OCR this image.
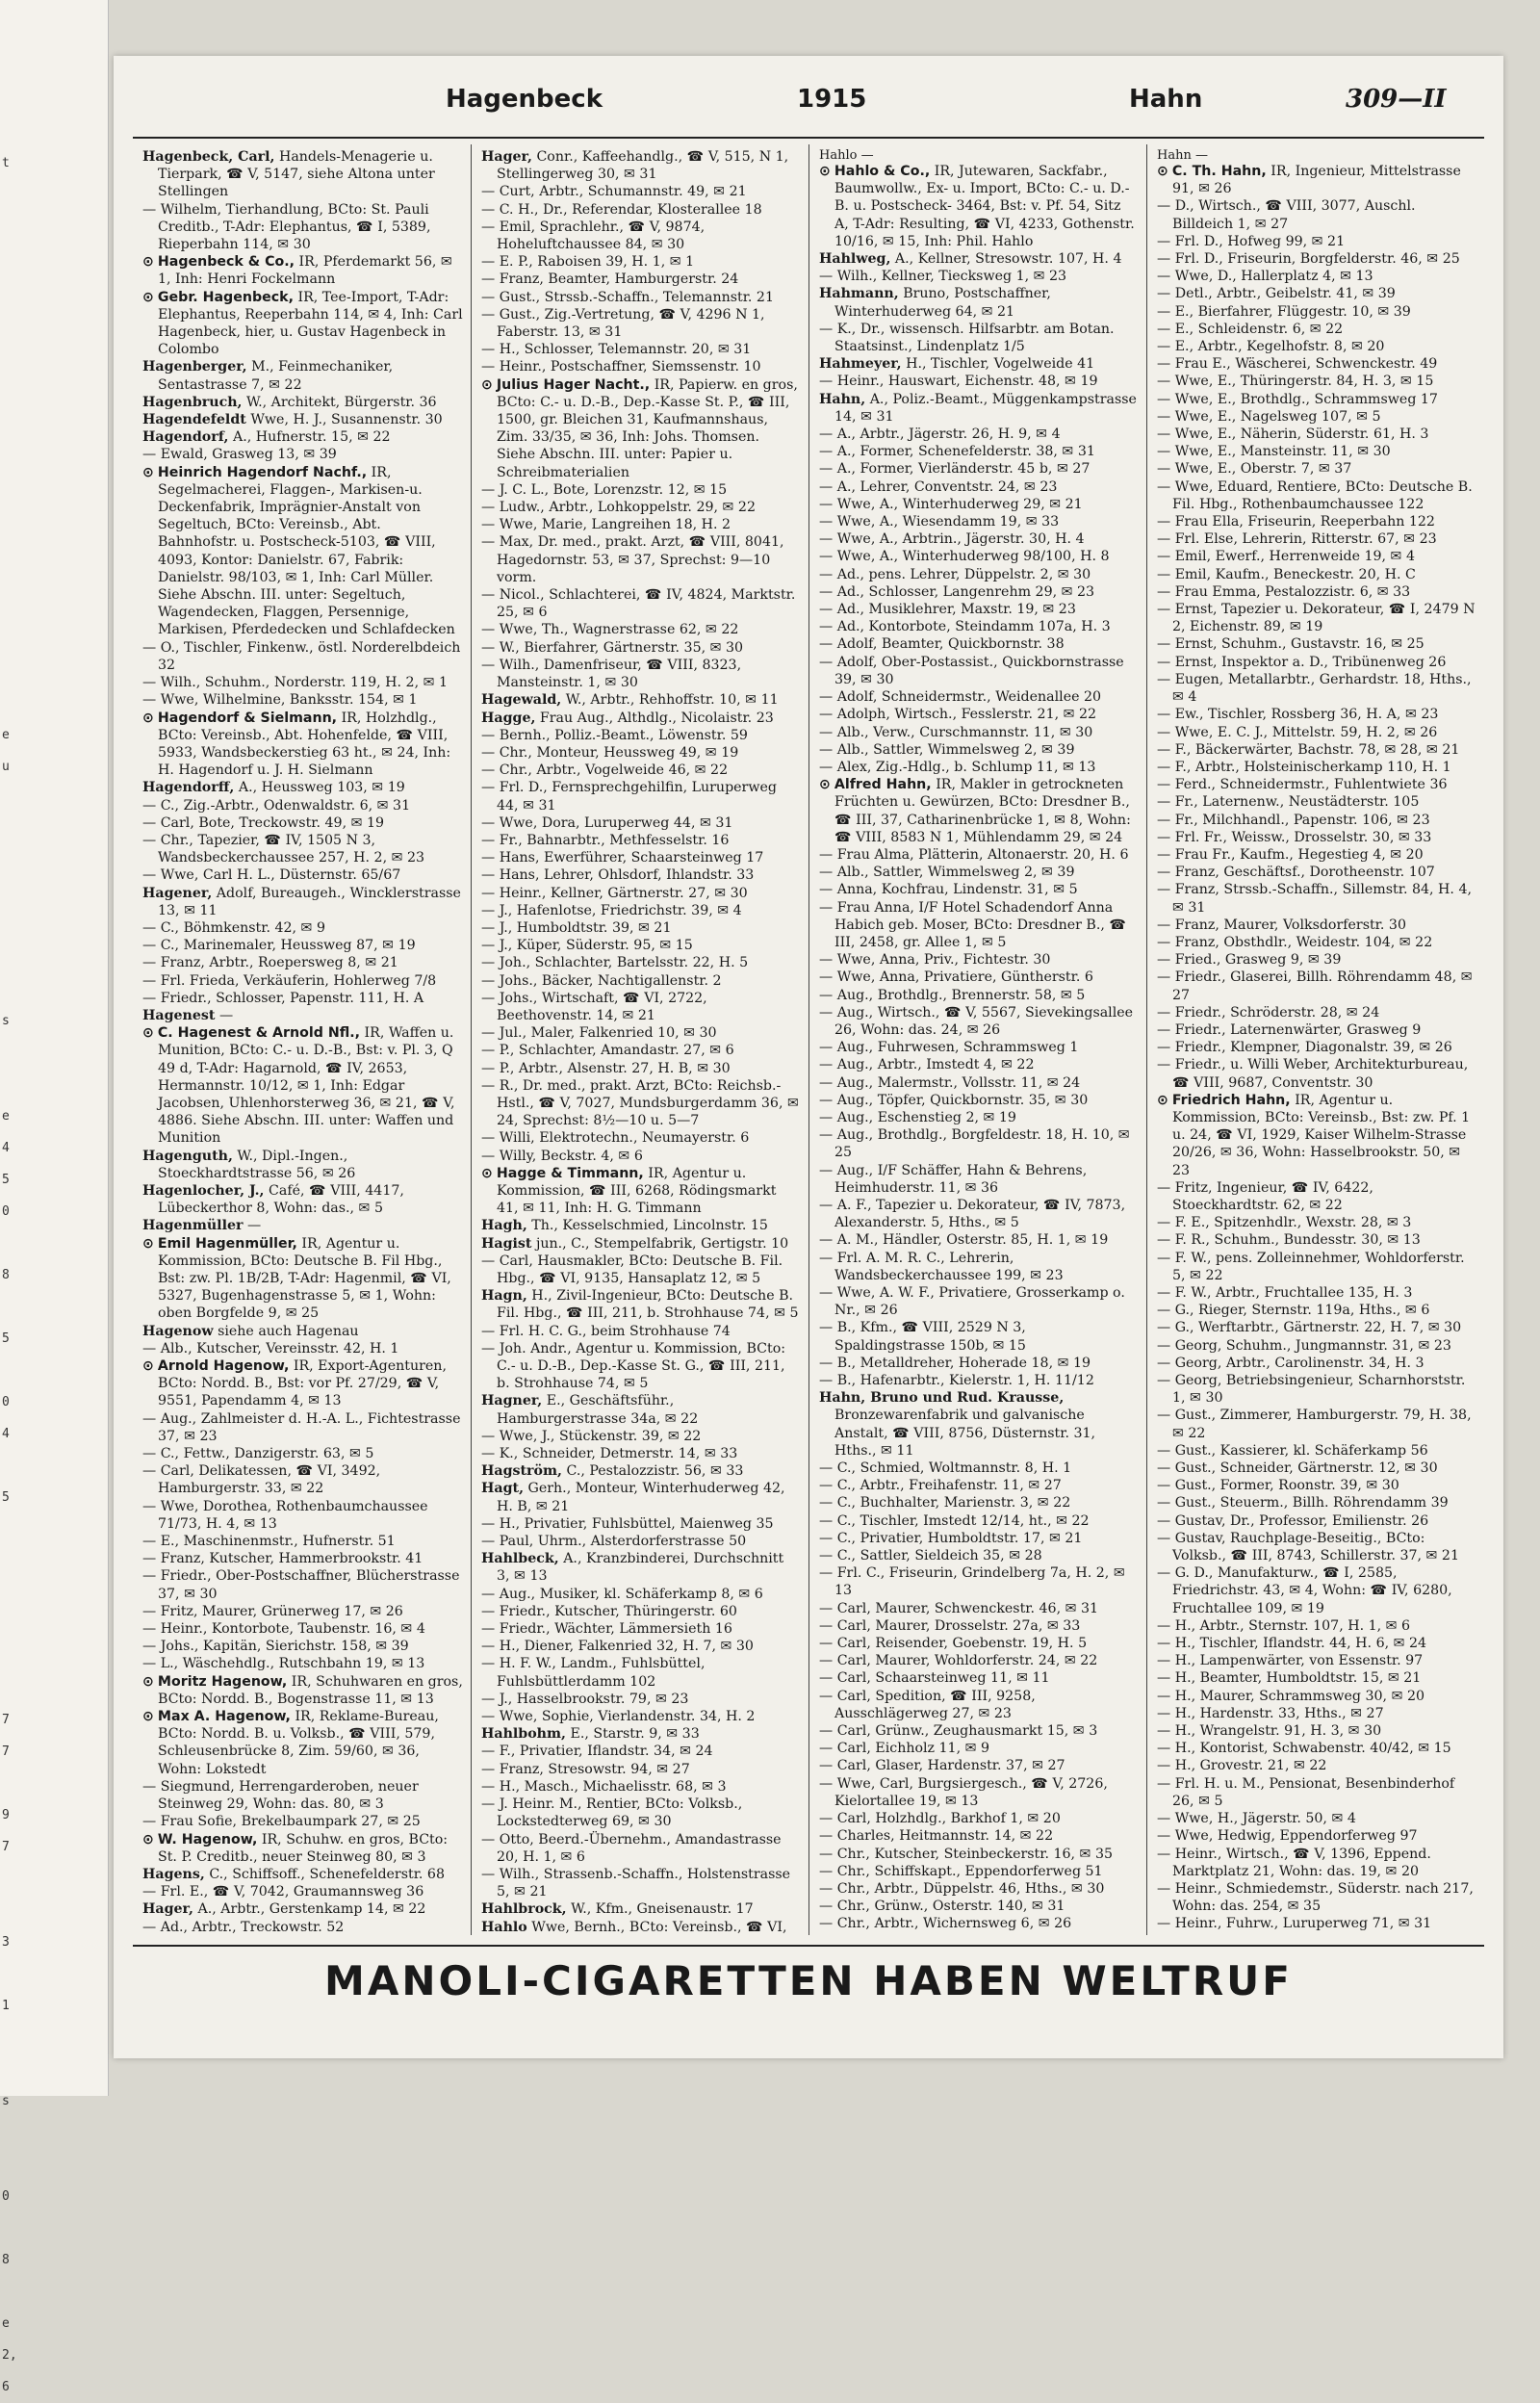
t

e
u

s

e
4
5
0

8

5

0
4

5

7
7

9
7

3

1

s

0

8

e
2,
6
Hagenbeck	1915	Hahn	309—II

Hagenbeck, Carl, Handels-Menagerie u. Tierpark, ☎ V, 5147, siehe Altona unter Stellingen

— Wilhelm, Tierhandlung, BCto: St. Pauli Creditb., T-Adr: Elephantus, ☎ I, 5389, Rieperbahn 114, ✉ 30

⊙ Hagenbeck & Co., IR, Pferdemarkt 56, ✉ 1, Inh: Henri Fockelmann

⊙ Gebr. Hagenbeck, IR, Tee-Import, T-Adr: Elephantus, Reeperbahn 114, ✉ 4, Inh: Carl Hagenbeck, hier, u. Gustav Hagenbeck in Colombo

Hagenberger, M., Feinmechaniker, Sentastrasse 7, ✉ 22

Hagenbruch, W., Architekt, Bürgerstr. 36

Hagendefeldt Wwe, H. J., Susannenstr. 30

Hagendorf, A., Hufnerstr. 15, ✉ 22

— Ewald, Grasweg 13, ✉ 39

⊙ Heinrich Hagendorf Nachf., IR, Segelmacherei, Flaggen-, Markisen-u. Deckenfabrik, Imprägnier-Anstalt von Segeltuch, BCto: Vereinsb., Abt. Bahnhofstr. u. Postscheck-5103, ☎ VIII, 4093, Kontor: Danielstr. 67, Fabrik: Danielstr. 98/103, ✉ 1, Inh: Carl Müller. Siehe Abschn. III. unter: Segeltuch, Wagendecken, Flaggen, Persennige, Markisen, Pferdedecken und Schlafdecken

— O., Tischler, Finkenw., östl. Norderelbdeich 32

— Wilh., Schuhm., Norderstr. 119, H. 2, ✉ 1

— Wwe, Wilhelmine, Banksstr. 154, ✉ 1

⊙ Hagendorf & Sielmann, IR, Holzhdlg., BCto: Vereinsb., Abt. Hohenfelde, ☎ VIII, 5933, Wandsbeckerstieg 63 ht., ✉ 24, Inh: H. Hagendorf u. J. H. Sielmann

Hagendorff, A., Heussweg 103, ✉ 19

— C., Zig.-Arbtr., Odenwaldstr. 6, ✉ 31

— Carl, Bote, Treckowstr. 49, ✉ 19

— Chr., Tapezier, ☎ IV, 1505 N 3, Wandsbeckerchaussee 257, H. 2, ✉ 23

— Wwe, Carl H. L., Düsternstr. 65/67

Hagener, Adolf, Bureaugeh., Wincklerstrasse 13, ✉ 11

— C., Böhmkenstr. 42, ✉ 9

— C., Marinemaler, Heussweg 87, ✉ 19

— Franz, Arbtr., Roepersweg 8, ✉ 21

— Frl. Frieda, Verkäuferin, Hohlerweg 7/8

— Friedr., Schlosser, Papenstr. 111, H. A

Hagenest —

⊙ C. Hagenest & Arnold Nfl., IR, Waffen u. Munition, BCto: C.- u. D.-B., Bst: v. Pl. 3, Q 49 d, T-Adr: Hagarnold, ☎ IV, 2653, Hermannstr. 10/12, ✉ 1, Inh: Edgar Jacobsen, Uhlenhorsterweg 36, ✉ 21, ☎ V, 4886. Siehe Abschn. III. unter: Waffen und Munition

Hagenguth, W., Dipl.-Ingen., Stoeckhardtstrasse 56, ✉ 26

Hagenlocher, J., Café, ☎ VIII, 4417, Lübeckerthor 8, Wohn: das., ✉ 5

Hagenmüller —

⊙ Emil Hagenmüller, IR, Agentur u. Kommission, BCto: Deutsche B. Fil Hbg., Bst: zw. Pl. 1B/2B, T-Adr: Hagenmil, ☎ VI, 5327, Bugenhagenstrasse 5, ✉ 1, Wohn: oben Borgfelde 9, ✉ 25

Hagenow siehe auch Hagenau

— Alb., Kutscher, Vereinsstr. 42, H. 1

⊙ Arnold Hagenow, IR, Export-Agenturen, BCto: Nordd. B., Bst: vor Pf. 27/29, ☎ V, 9551, Papendamm 4, ✉ 13

— Aug., Zahlmeister d. H.-A. L., Fichtestrasse 37, ✉ 23

— C., Fettw., Danzigerstr. 63, ✉ 5

— Carl, Delikatessen, ☎ VI, 3492, Hamburgerstr. 33, ✉ 22

— Wwe, Dorothea, Rothenbaumchaussee 71/73, H. 4, ✉ 13

— E., Maschinenmstr., Hufnerstr. 51

— Franz, Kutscher, Hammerbrookstr. 41

— Friedr., Ober-Postschaffner, Blücherstrasse 37, ✉ 30

— Fritz, Maurer, Grünerweg 17, ✉ 26

— Heinr., Kontorbote, Taubenstr. 16, ✉ 4

— Johs., Kapitän, Sierichstr. 158, ✉ 39

— L., Wäschehdlg., Rutschbahn 19, ✉ 13

⊙ Moritz Hagenow, IR, Schuhwaren en gros, BCto: Nordd. B., Bogenstrasse 11, ✉ 13

⊙ Max A. Hagenow, IR, Reklame-Bureau, BCto: Nordd. B. u. Volksb., ☎ VIII, 579, Schleusenbrücke 8, Zim. 59/60, ✉ 36, Wohn: Lokstedt

— Siegmund, Herrengarderoben, neuer Steinweg 29, Wohn: das. 80, ✉ 3

— Frau Sofie, Brekelbaumpark 27, ✉ 25

⊙ W. Hagenow, IR, Schuhw. en gros, BCto: St. P. Creditb., neuer Steinweg 80, ✉ 3

Hagens, C., Schiffsoff., Schenefelderstr. 68

— Frl. E., ☎ V, 7042, Graumannsweg 36

Hager, A., Arbtr., Gerstenkamp 14, ✉ 22

— Ad., Arbtr., Treckowstr. 52

Hager, Conr., Kaffeehandlg., ☎ V, 515, N 1, Stellingerweg 30, ✉ 31

— Curt, Arbtr., Schumannstr. 49, ✉ 21

— C. H., Dr., Referendar, Klosterallee 18

— Emil, Sprachlehr., ☎ V, 9874, Hoheluftchaussee 84, ✉ 30

— E. P., Raboisen 39, H. 1, ✉ 1

— Franz, Beamter, Hamburgerstr. 24

— Gust., Strssb.-Schaffn., Telemannstr. 21

— Gust., Zig.-Vertretung, ☎ V, 4296 N 1, Faberstr. 13, ✉ 31

— H., Schlosser, Telemannstr. 20, ✉ 31

— Heinr., Postschaffner, Siemssenstr. 10

⊙ Julius Hager Nacht., IR, Papierw. en gros, BCto: C.- u. D.-B., Dep.-Kasse St. P., ☎ III, 1500, gr. Bleichen 31, Kaufmannshaus, Zim. 33/35, ✉ 36, Inh: Johs. Thomsen. Siehe Abschn. III. unter: Papier u. Schreibmaterialien

— J. C. L., Bote, Lorenzstr. 12, ✉ 15

— Ludw., Arbtr., Lohkoppelstr. 29, ✉ 22

— Wwe, Marie, Langreihen 18, H. 2

— Max, Dr. med., prakt. Arzt, ☎ VIII, 8041, Hagedornstr. 53, ✉ 37, Sprechst: 9—10 vorm.

— Nicol., Schlachterei, ☎ IV, 4824, Marktstr. 25, ✉ 6

— Wwe, Th., Wagnerstrasse 62, ✉ 22

— W., Bierfahrer, Gärtnerstr. 35, ✉ 30

— Wilh., Damenfriseur, ☎ VIII, 8323, Mansteinstr. 1, ✉ 30

Hagewald, W., Arbtr., Rehhoffstr. 10, ✉ 11

Hagge, Frau Aug., Althdlg., Nicolaistr. 23

— Bernh., Polliz.-Beamt., Löwenstr. 59

— Chr., Monteur, Heussweg 49, ✉ 19

— Chr., Arbtr., Vogelweide 46, ✉ 22

— Frl. D., Fernsprechgehilfin, Luruperweg 44, ✉ 31

— Wwe, Dora, Luruperweg 44, ✉ 31

— Fr., Bahnarbtr., Methfesselstr. 16

— Hans, Ewerführer, Schaarsteinweg 17

— Hans, Lehrer, Ohlsdorf, Ihlandstr. 33

— Heinr., Kellner, Gärtnerstr. 27, ✉ 30

— J., Hafenlotse, Friedrichstr. 39, ✉ 4

— J., Humboldtstr. 39, ✉ 21

— J., Küper, Süderstr. 95, ✉ 15

— Joh., Schlachter, Bartelsstr. 22, H. 5

— Johs., Bäcker, Nachtigallenstr. 2

— Johs., Wirtschaft, ☎ VI, 2722, Beethovenstr. 14, ✉ 21

— Jul., Maler, Falkenried 10, ✉ 30

— P., Schlachter, Amandastr. 27, ✉ 6

— P., Arbtr., Alsenstr. 27, H. B, ✉ 30

— R., Dr. med., prakt. Arzt, BCto: Reichsb.-Hstl., ☎ V, 7027, Mundsburgerdamm 36, ✉ 24, Sprechst: 8½—10 u. 5—7

— Willi, Elektrotechn., Neumayerstr. 6

— Willy, Beckstr. 4, ✉ 6

⊙ Hagge & Timmann, IR, Agentur u. Kommission, ☎ III, 6268, Rödingsmarkt 41, ✉ 11, Inh: H. G. Timmann

Hagh, Th., Kesselschmied, Lincolnstr. 15

Hagist jun., C., Stempelfabrik, Gertigstr. 10

— Carl, Hausmakler, BCto: Deutsche B. Fil. Hbg., ☎ VI, 9135, Hansaplatz 12, ✉ 5

Hagn, H., Zivil-Ingenieur, BCto: Deutsche B. Fil. Hbg., ☎ III, 211, b. Strohhause 74, ✉ 5

— Frl. H. C. G., beim Strohhause 74

— Joh. Andr., Agentur u. Kommission, BCto: C.- u. D.-B., Dep.-Kasse St. G., ☎ III, 211, b. Strohhause 74, ✉ 5

Hagner, E., Geschäftsführ., Hamburgerstrasse 34a, ✉ 22

— Wwe, J., Stückenstr. 39, ✉ 22

— K., Schneider, Detmerstr. 14, ✉ 33

Hagström, C., Pestalozzistr. 56, ✉ 33

Hagt, Gerh., Monteur, Winterhuderweg 42, H. B, ✉ 21

— H., Privatier, Fuhlsbüttel, Maienweg 35

— Paul, Uhrm., Alsterdorferstrasse 50

Hahlbeck, A., Kranzbinderei, Durchschnitt 3, ✉ 13

— Aug., Musiker, kl. Schäferkamp 8, ✉ 6

— Friedr., Kutscher, Thüringerstr. 60

— Friedr., Wächter, Lämmersieth 16

— H., Diener, Falkenried 32, H. 7, ✉ 30

— H. F. W., Landm., Fuhlsbüttel, Fuhlsbüttlerdamm 102

— J., Hasselbrookstr. 79, ✉ 23

— Wwe, Sophie, Vierlandenstr. 34, H. 2

Hahlbohm, E., Starstr. 9, ✉ 33

— F., Privatier, Iflandstr. 34, ✉ 24

— Franz, Stresowstr. 94, ✉ 27

— H., Masch., Michaelisstr. 68, ✉ 3

— J. Heinr. M., Rentier, BCto: Volksb., Lockstedterweg 69, ✉ 30

— Otto, Beerd.-Übernehm., Amandastrasse 20, H. 1, ✉ 6

— Wilh., Strassenb.-Schaffn., Holstenstrasse 5, ✉ 21

Hahlbrock, W., Kfm., Gneisenaustr. 17

Hahlo Wwe, Bernh., BCto: Vereinsb., ☎ VI,

Hahlo —

⊙ Hahlo & Co., IR, Jutewaren, Sackfabr., Baumwollw., Ex- u. Import, BCto: C.- u. D.-B. u. Postscheck- 3464, Bst: v. Pf. 54, Sitz A, T-Adr: Resulting, ☎ VI, 4233, Gothenstr. 10/16, ✉ 15, Inh: Phil. Hahlo

Hahlweg, A., Kellner, Stresowstr. 107, H. 4

— Wilh., Kellner, Tiecksweg 1, ✉ 23

Hahmann, Bruno, Postschaffner, Winterhuderweg 64, ✉ 21

— K., Dr., wissensch. Hilfsarbtr. am Botan. Staatsinst., Lindenplatz 1/5

Hahmeyer, H., Tischler, Vogelweide 41

— Heinr., Hauswart, Eichenstr. 48, ✉ 19

Hahn, A., Poliz.-Beamt., Müggenkampstrasse 14, ✉ 31

— A., Arbtr., Jägerstr. 26, H. 9, ✉ 4

— A., Former, Schenefelderstr. 38, ✉ 31

— A., Former, Vierländerstr. 45 b, ✉ 27

— A., Lehrer, Conventstr. 24, ✉ 23

— Wwe, A., Winterhuderweg 29, ✉ 21

— Wwe, A., Wiesendamm 19, ✉ 33

— Wwe, A., Arbtrin., Jägerstr. 30, H. 4

— Wwe, A., Winterhuderweg 98/100, H. 8

— Ad., pens. Lehrer, Düppelstr. 2, ✉ 30

— Ad., Schlosser, Langenrehm 29, ✉ 23

— Ad., Musiklehrer, Maxstr. 19, ✉ 23

— Ad., Kontorbote, Steindamm 107a, H. 3

— Adolf, Beamter, Quickbornstr. 38

— Adolf, Ober-Postassist., Quickbornstrasse 39, ✉ 30

— Adolf, Schneidermstr., Weidenallee 20

— Adolph, Wirtsch., Fesslerstr. 21, ✉ 22

— Alb., Verw., Curschmannstr. 11, ✉ 30

— Alb., Sattler, Wimmelsweg 2, ✉ 39

— Alex, Zig.-Hdlg., b. Schlump 11, ✉ 13

⊙ Alfred Hahn, IR, Makler in getrockneten Früchten u. Gewürzen, BCto: Dresdner B., ☎ III, 37, Catharinenbrücke 1, ✉ 8, Wohn: ☎ VIII, 8583 N 1, Mühlendamm 29, ✉ 24

— Frau Alma, Plätterin, Altonaerstr. 20, H. 6

— Alb., Sattler, Wimmelsweg 2, ✉ 39

— Anna, Kochfrau, Lindenstr. 31, ✉ 5

— Frau Anna, I/F Hotel Schadendorf Anna Habich geb. Moser, BCto: Dresdner B., ☎ III, 2458, gr. Allee 1, ✉ 5

— Wwe, Anna, Priv., Fichtestr. 30

— Wwe, Anna, Privatiere, Güntherstr. 6

— Aug., Brothdlg., Brennerstr. 58, ✉ 5

— Aug., Wirtsch., ☎ V, 5567, Sievekingsallee 26, Wohn: das. 24, ✉ 26

— Aug., Fuhrwesen, Schrammsweg 1

— Aug., Arbtr., Imstedt 4, ✉ 22

— Aug., Malermstr., Vollsstr. 11, ✉ 24

— Aug., Töpfer, Quickbornstr. 35, ✉ 30

— Aug., Eschenstieg 2, ✉ 19

— Aug., Brothdlg., Borgfeldestr. 18, H. 10, ✉ 25

— Aug., I/F Schäffer, Hahn & Behrens, Heimhuderstr. 11, ✉ 36

— A. F., Tapezier u. Dekorateur, ☎ IV, 7873, Alexanderstr. 5, Hths., ✉ 5

— A. M., Händler, Osterstr. 85, H. 1, ✉ 19

— Frl. A. M. R. C., Lehrerin, Wandsbeckerchaussee 199, ✉ 23

— Wwe, A. W. F., Privatiere, Grosserkamp o. Nr., ✉ 26

— B., Kfm., ☎ VIII, 2529 N 3, Spaldingstrasse 150b, ✉ 15

— B., Metalldreher, Hoherade 18, ✉ 19

— B., Hafenarbtr., Kielerstr. 1, H. 11/12

Hahn, Bruno und Rud. Krausse, Bronzewarenfabrik und galvanische Anstalt, ☎ VIII, 8756, Düsternstr. 31, Hths., ✉ 11

— C., Schmied, Woltmannstr. 8, H. 1

— C., Arbtr., Freihafenstr. 11, ✉ 27

— C., Buchhalter, Marienstr. 3, ✉ 22

— C., Tischler, Imstedt 12/14, ht., ✉ 22

— C., Privatier, Humboldtstr. 17, ✉ 21

— C., Sattler, Sieldeich 35, ✉ 28

— Frl. C., Friseurin, Grindelberg 7a, H. 2, ✉ 13

— Carl, Maurer, Schwenckestr. 46, ✉ 31

— Carl, Maurer, Drosselstr. 27a, ✉ 33

— Carl, Reisender, Goebenstr. 19, H. 5

— Carl, Maurer, Wohldorferstr. 24, ✉ 22

— Carl, Schaarsteinweg 11, ✉ 11

— Carl, Spedition, ☎ III, 9258, Ausschlägerweg 27, ✉ 23

— Carl, Grünw., Zeughausmarkt 15, ✉ 3

— Carl, Eichholz 11, ✉ 9

— Carl, Glaser, Hardenstr. 37, ✉ 27

— Wwe, Carl, Burgsiergesch., ☎ V, 2726, Kielortallee 19, ✉ 13

— Carl, Holzhdlg., Barkhof 1, ✉ 20

— Charles, Heitmannstr. 14, ✉ 22

— Chr., Kutscher, Steinbeckerstr. 16, ✉ 35

— Chr., Schiffskapt., Eppendorferweg 51

— Chr., Arbtr., Düppelstr. 46, Hths., ✉ 30

— Chr., Grünw., Osterstr. 140, ✉ 31

— Chr., Arbtr., Wichernsweg 6, ✉ 26

Hahn —

⊙ C. Th. Hahn, IR, Ingenieur, Mittelstrasse 91, ✉ 26

— D., Wirtsch., ☎ VIII, 3077, Auschl. Billdeich 1, ✉ 27

— Frl. D., Hofweg 99, ✉ 21

— Frl. D., Friseurin, Borgfelderstr. 46, ✉ 25

— Wwe, D., Hallerplatz 4, ✉ 13

— Detl., Arbtr., Geibelstr. 41, ✉ 39

— E., Bierfahrer, Flüggestr. 10, ✉ 39

— E., Schleidenstr. 6, ✉ 22

— E., Arbtr., Kegelhofstr. 8, ✉ 20

— Frau E., Wäscherei, Schwenckestr. 49

— Wwe, E., Thüringerstr. 84, H. 3, ✉ 15

— Wwe, E., Brothdlg., Schrammsweg 17

— Wwe, E., Nagelsweg 107, ✉ 5

— Wwe, E., Näherin, Süderstr. 61, H. 3

— Wwe, E., Mansteinstr. 11, ✉ 30

— Wwe, E., Oberstr. 7, ✉ 37

— Wwe, Eduard, Rentiere, BCto: Deutsche B. Fil. Hbg., Rothenbaumchaussee 122

— Frau Ella, Friseurin, Reeperbahn 122

— Frl. Else, Lehrerin, Ritterstr. 67, ✉ 23

— Emil, Ewerf., Herrenweide 19, ✉ 4

— Emil, Kaufm., Beneckestr. 20, H. C

— Frau Emma, Pestalozzistr. 6, ✉ 33

— Ernst, Tapezier u. Dekorateur, ☎ I, 2479 N 2, Eichenstr. 89, ✉ 19

— Ernst, Schuhm., Gustavstr. 16, ✉ 25

— Ernst, Inspektor a. D., Tribünenweg 26

— Eugen, Metallarbtr., Gerhardstr. 18, Hths., ✉ 4

— Ew., Tischler, Rossberg 36, H. A, ✉ 23

— Wwe, E. C. J., Mittelstr. 59, H. 2, ✉ 26

— F., Bäckerwärter, Bachstr. 78, ✉ 28, ✉ 21

— F., Arbtr., Holsteinischerkamp 110, H. 1

— Ferd., Schneidermstr., Fuhlentwiete 36

— Fr., Laternenw., Neustädterstr. 105

— Fr., Milchhandl., Papenstr. 106, ✉ 23

— Frl. Fr., Weissw., Drosselstr. 30, ✉ 33

— Frau Fr., Kaufm., Hegestieg 4, ✉ 20

— Franz, Geschäftsf., Dorotheenstr. 107

— Franz, Strssb.-Schaffn., Sillemstr. 84, H. 4, ✉ 31

— Franz, Maurer, Volksdorferstr. 30

— Franz, Obsthdlr., Weidestr. 104, ✉ 22

— Fried., Grasweg 9, ✉ 39

— Friedr., Glaserei, Billh. Röhrendamm 48, ✉ 27

— Friedr., Schröderstr. 28, ✉ 24

— Friedr., Laternenwärter, Grasweg 9

— Friedr., Klempner, Diagonalstr. 39, ✉ 26

— Friedr., u. Willi Weber, Architekturbureau, ☎ VIII, 9687, Conventstr. 30

⊙ Friedrich Hahn, IR, Agentur u. Kommission, BCto: Vereinsb., Bst: zw. Pf. 1 u. 24, ☎ VI, 1929, Kaiser Wilhelm-Strasse 20/26, ✉ 36, Wohn: Hasselbrookstr. 50, ✉ 23

— Fritz, Ingenieur, ☎ IV, 6422, Stoeckhardtstr. 62, ✉ 22

— F. E., Spitzenhdlr., Wexstr. 28, ✉ 3

— F. R., Schuhm., Bundesstr. 30, ✉ 13

— F. W., pens. Zolleinnehmer, Wohldorferstr. 5, ✉ 22

— F. W., Arbtr., Fruchtallee 135, H. 3

— G., Rieger, Sternstr. 119a, Hths., ✉ 6

— G., Werftarbtr., Gärtnerstr. 22, H. 7, ✉ 30

— Georg, Schuhm., Jungmannstr. 31, ✉ 23

— Georg, Arbtr., Carolinenstr. 34, H. 3

— Georg, Betriebsingenieur, Scharnhorststr. 1, ✉ 30

— Gust., Zimmerer, Hamburgerstr. 79, H. 38, ✉ 22

— Gust., Kassierer, kl. Schäferkamp 56

— Gust., Schneider, Gärtnerstr. 12, ✉ 30

— Gust., Former, Roonstr. 39, ✉ 30

— Gust., Steuerm., Billh. Röhrendamm 39

— Gustav, Dr., Professor, Emilienstr. 26

— Gustav, Rauchplage-Beseitig., BCto: Volksb., ☎ III, 8743, Schillerstr. 37, ✉ 21

— G. D., Manufakturw., ☎ I, 2585, Friedrichstr. 43, ✉ 4, Wohn: ☎ IV, 6280, Fruchtallee 109, ✉ 19

— H., Arbtr., Sternstr. 107, H. 1, ✉ 6

— H., Tischler, Iflandstr. 44, H. 6, ✉ 24

— H., Lampenwärter, von Essenstr. 97

— H., Beamter, Humboldtstr. 15, ✉ 21

— H., Maurer, Schrammsweg 30, ✉ 20

— H., Hardenstr. 33, Hths., ✉ 27

— H., Wrangelstr. 91, H. 3, ✉ 30

— H., Kontorist, Schwabenstr. 40/42, ✉ 15

— H., Grovestr. 21, ✉ 22

— Frl. H. u. M., Pensionat, Besenbinderhof 26, ✉ 5

— Wwe, H., Jägerstr. 50, ✉ 4

— Wwe, Hedwig, Eppendorferweg 97

— Heinr., Wirtsch., ☎ V, 1396, Eppend. Marktplatz 21, Wohn: das. 19, ✉ 20

— Heinr., Schmiedemstr., Süderstr. nach 217, Wohn: das. 254, ✉ 35

— Heinr., Fuhrw., Luruperweg 71, ✉ 31

MANOLI-CIGARETTEN HABEN WELTRUF
